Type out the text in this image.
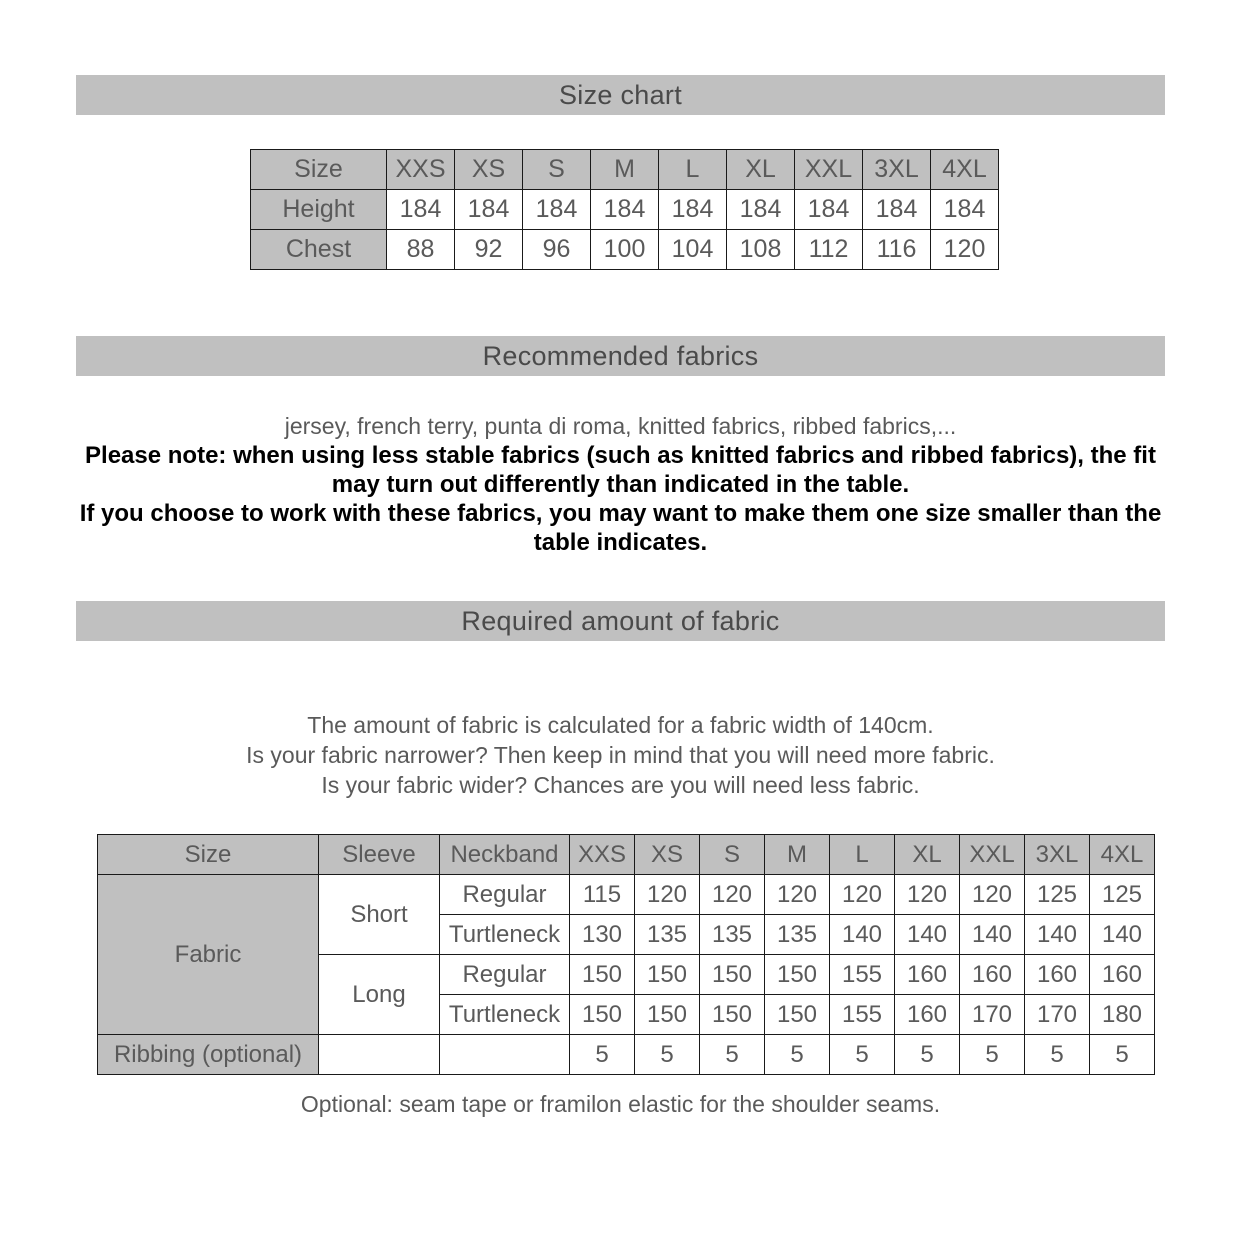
Size chart
Size	XXS	XS	S	M	L	XL	XXL	3XL	4XL
Height	184	184	184	184	184	184	184	184	184
Chest	88	92	96	100	104	108	112	116	120
Recommended fabrics
jersey, french terry, punta di roma, knitted fabrics, ribbed fabrics,...
Please note: when using less stable fabrics (such as knitted fabrics and ribbed fabrics), the fit may turn out differently than indicated in the table.
If you choose to work with these fabrics, you may want to make them one size smaller than the table indicates.
Required amount of fabric
The amount of fabric is calculated for a fabric width of 140cm.
Is your fabric narrower? Then keep in mind that you will need more fabric.
Is your fabric wider? Chances are you will need less fabric.
Size	Sleeve	Neckband	XXS	XS	S	M	L	XL	XXL	3XL	4XL
Fabric	Short	Regular	115	120	120	120	120	120	120	125	125
		Turtleneck	130	135	135	135	140	140	140	140	140
	Long	Regular	150	150	150	150	155	160	160	160	160
		Turtleneck	150	150	150	150	155	160	170	170	180
Ribbing (optional)			5	5	5	5	5	5	5	5	5
Optional: seam tape or framilon elastic for the shoulder seams.
